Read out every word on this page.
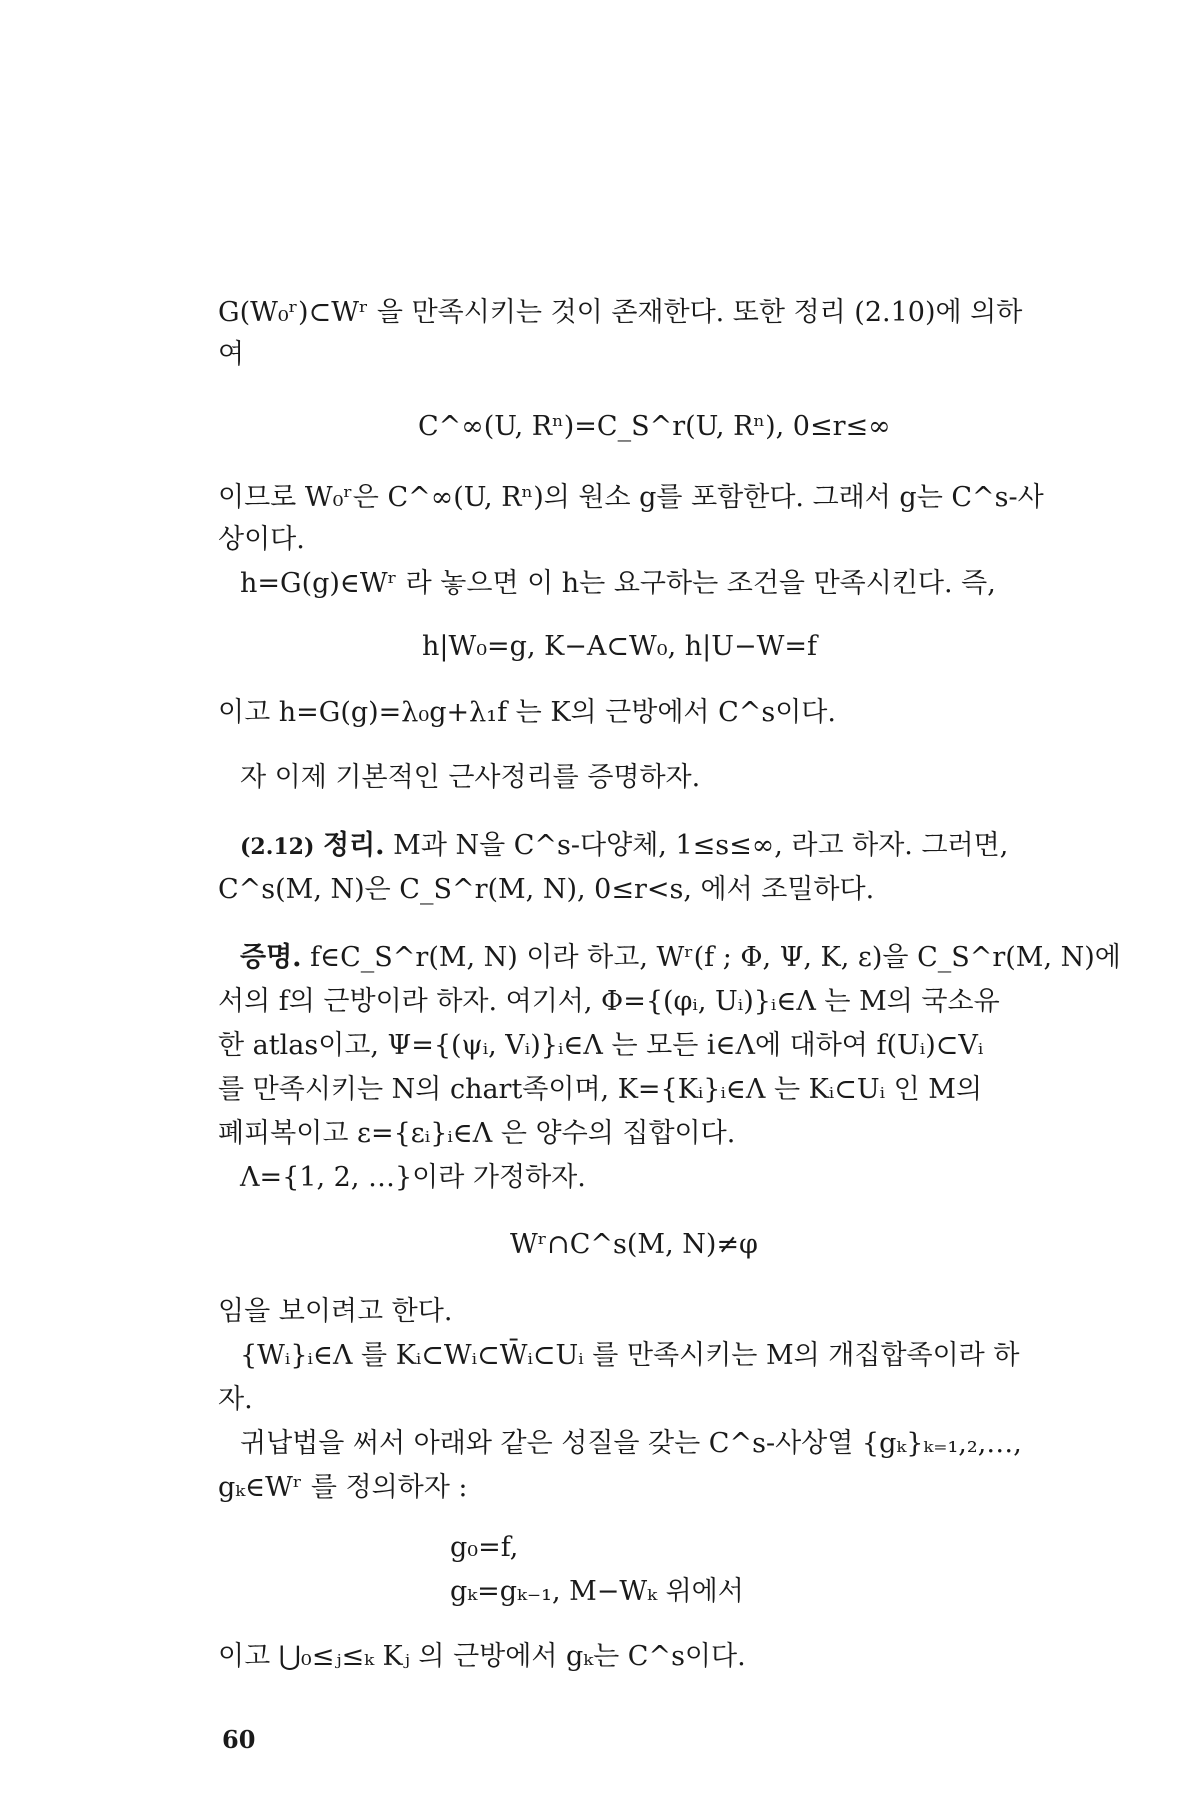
G(W₀ʳ)⊂Wʳ 을 만족시키는 것이 존재한다. 또한 정리 (2.10)에 의하
여
C^∞(U, Rⁿ)=C_S^r(U, Rⁿ), 0≤r≤∞
이므로 W₀ʳ은 C^∞(U, Rⁿ)의 원소 g를 포함한다. 그래서 g는 C^s-사
상이다.
h=G(g)∈Wʳ 라 놓으면 이 h는 요구하는 조건을 만족시킨다. 즉,
h|W₀=g, K−A⊂W₀, h|U−W=f
이고 h=G(g)=λ₀g+λ₁f 는 K의 근방에서 C^s이다.
자 이제 기본적인 근사정리를 증명하자.
(2.12) 정리. M과 N을 C^s-다양체, 1≤s≤∞, 라고 하자. 그러면,
C^s(M, N)은 C_S^r(M, N), 0≤r<s, 에서 조밀하다.
증명. f∈C_S^r(M, N) 이라 하고, Wʳ(f ; Φ, Ψ, K, ε)을 C_S^r(M, N)에
서의 f의 근방이라 하자. 여기서, Φ={(φᵢ, Uᵢ)}ᵢ∈Λ 는 M의 국소유
한 atlas이고, Ψ={(ψᵢ, Vᵢ)}ᵢ∈Λ 는 모든 i∈Λ에 대하여 f(Uᵢ)⊂Vᵢ
를 만족시키는 N의 chart족이며, K={Kᵢ}ᵢ∈Λ 는 Kᵢ⊂Uᵢ 인 M의
폐피복이고 ε={εᵢ}ᵢ∈Λ 은 양수의 집합이다.
Λ={1, 2, …}이라 가정하자.
Wʳ∩C^s(M, N)≠φ
임을 보이려고 한다.
{Wᵢ}ᵢ∈Λ 를 Kᵢ⊂Wᵢ⊂W̄ᵢ⊂Uᵢ 를 만족시키는 M의 개집합족이라 하
자.
귀납법을 써서 아래와 같은 성질을 갖는 C^s-사상열 {gₖ}ₖ₌₁,₂,…,
gₖ∈Wʳ 를 정의하자 :
g₀=f,
gₖ=gₖ₋₁, M−Wₖ 위에서
이고 ⋃₀≤ⱼ≤ₖ Kⱼ 의 근방에서 gₖ는 C^s이다.
60
